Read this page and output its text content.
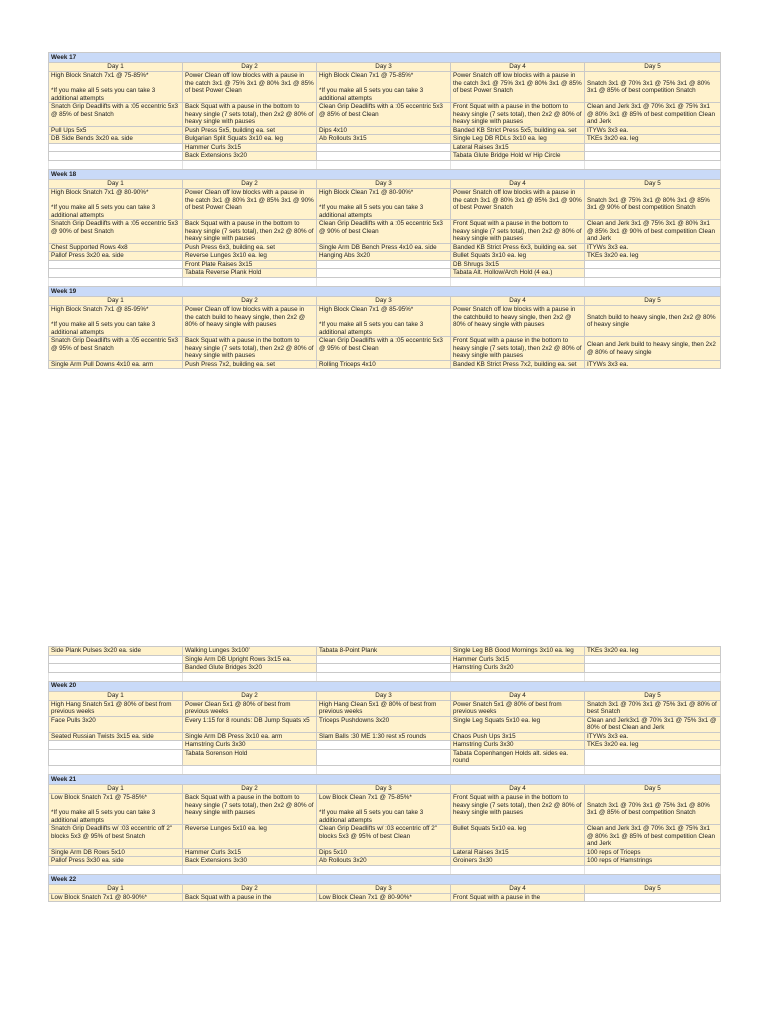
Week 17				
Day 1	Day 2	Day 3	Day 4	Day 5

High Block Snatch 7x1 @ 75-85%*

*If you make all 5 sets you can take 3 additional attempts	Power Clean off low blocks with a pause in the catch 3x1 @ 75% 3x1 @ 80% 3x1 @ 85% of best Power Clean	High Block Clean 7x1 @ 75-85%*

*If you make all 5 sets you can take 3 additional attempts	Power Snatch off low blocks with a pause in the catch 3x1 @ 75% 3x1 @ 80% 3x1 @ 85% of best Power Snatch	Snatch 3x1 @ 70% 3x1 @ 75% 3x1 @ 80% 3x1 @ 85% of best competition Snatch

Snatch Grip Deadlifts with a :05 eccentric 5x3 @ 85% of best Snatch	Back Squat with a pause in the bottom to heavy single (7 sets total), then 2x2 @ 80% of heavy single with pauses	Clean Grip Deadlifts with a :05 eccentric 5x3 @ 85% of best Clean	Front Squat with a pause in the bottom to heavy single (7 sets total), then 2x2 @ 80% of heavy single with pauses	Clean and Jerk 3x1 @ 70% 3x1 @ 75% 3x1 @ 80% 3x1 @ 85% of best competition Clean and Jerk

Pull Ups 5x5	Push Press 5x5, building ea. set	Dips 4x10	Banded KB Strict Press 5x5, building ea. set	ITYWs 3x3 ea.

DB Side Bends 3x20 ea. side	Bulgarian Split Squats 3x10 ea. leg	Ab Rollouts 3x15	Single Leg DB RDLs 3x10 ea. leg	TKEs 3x20 ea. leg

	Hammer Curls 3x15		Lateral Raises 3x15	

	Back Extensions 3x20		Tabata Glute Bridge Hold w/ Hip Circle	

Week 18				
Day 1	Day 2	Day 3	Day 4	Day 5

High Block Snatch 7x1 @ 80-90%*

*If you make all 5 sets you can take 3 additional attempts	Power Clean off low blocks with a pause in the catch 3x1 @ 80% 3x1 @ 85% 3x1 @ 90% of best Power Clean	High Block Clean 7x1 @ 80-90%*

*If you make all 5 sets you can take 3 additional attempts	Power Snatch off low blocks with a pause in the catch 3x1 @ 80% 3x1 @ 85% 3x1 @ 90% of best Power Snatch	Snatch 3x1 @ 75% 3x1 @ 80% 3x1 @ 85% 3x1 @ 90% of best competition Snatch

Snatch Grip Deadlifts with a :05 eccentric 5x3 @ 90% of best Snatch	Back Squat with a pause in the bottom to heavy single (7 sets total), then 2x2 @ 80% of heavy single with pauses	Clean Grip Deadlifts with a :05 eccentric 5x3 @ 90% of best Clean	Front Squat with a pause in the bottom to heavy single (7 sets total), then 2x2 @ 80% of heavy single with pauses	Clean and Jerk 3x1 @ 75% 3x1 @ 80% 3x1 @ 85% 3x1 @ 90% of best competition Clean and Jerk

Chest Supported Rows 4x8	Push Press 6x3, building ea. set	Single Arm DB Bench Press 4x10 ea. side	Banded KB Strict Press 6x3, building ea. set	ITYWs 3x3 ea.

Pallof Press 3x20 ea. side	Reverse Lunges 3x10 ea. leg	Hanging Abs 3x20	Bullet Squats 3x10 ea. leg	TKEs 3x20 ea. leg

	Front Plate Raises 3x15		DB Shrugs 3x15	

	Tabata Reverse Plank Hold		Tabata Alt. Hollow/Arch Hold (4 ea.)	

Week 19				
Day 1	Day 2	Day 3	Day 4	Day 5

High Block Snatch 7x1 @ 85-95%*

*If you make all 5 sets you can take 3 additional attempts	Power Clean off low blocks with a pause in the catch build to heavy single, then 2x2 @ 80% of heavy single with pauses	High Block Clean 7x1 @ 85-95%*

*If you make all 5 sets you can take 3 additional attempts	Power Snatch off low blocks with a pause in the catchbuild to heavy single, then 2x2 @ 80% of heavy single with pauses	Snatch build to heavy single, then 2x2 @ 80% of heavy single

Snatch Grip Deadlifts with a :05 eccentric 5x3 @ 95% of best Snatch	Back Squat with a pause in the bottom to heavy single (7 sets total), then 2x2 @ 80% of heavy single with pauses	Clean Grip Deadlifts with a :05 eccentric 5x3 @ 95% of best Clean	Front Squat with a pause in the bottom to heavy single (7 sets total), then 2x2 @ 80% of heavy single with pauses	Clean and Jerk build to heavy single, then 2x2 @ 80% of heavy single

Single Arm Pull Downs 4x10 ea. arm	Push Press 7x2, building ea. set	Rolling Triceps 4x10	Banded KB Strict Press 7x2, building ea. set	ITYWs 3x3 ea.
Side Plank Pulses 3x20 ea. side	Walking Lunges 3x100'	Tabata 8-Point Plank	Single Leg BB Good Mornings 3x10 ea. leg	TKEs 3x20 ea. leg

	Single Arm DB Upright Rows 3x15 ea.		Hammer Curls 3x15	

	Banded Glute Bridges 3x20		Hamstring Curls 3x20	

Week 20				
Day 1	Day 2	Day 3	Day 4	Day 5

High Hang Snatch 5x1 @ 80% of best from previous weeks	Power Clean 5x1 @ 80% of best from previous weeks	High Hang Clean 5x1 @ 80% of best from previous weeks	Power Snatch 5x1 @ 80% of best from previous weeks	Snatch 3x1 @ 70% 3x1 @ 75% 3x1 @ 80% of best Snatch

Face Pulls 3x20	Every 1:15 for 8 rounds: DB Jump Squats x5	Triceps Pushdowns 3x20	Single Leg Squats 5x10 ea. leg	Clean and Jerk3x1 @ 70% 3x1 @ 75% 3x1 @ 80% of best Clean and Jerk

Seated Russian Twists 3x15 ea. side	Single Arm DB Press 3x10 ea. arm	Slam Balls :30 ME 1:30 rest x5 rounds	Chaos Push Ups 3x15	ITYWs 3x3 ea.

	Hamstring Curls 3x30		Hamstring Curls 3x30	TKEs 3x20 ea. leg

	Tabata Sorenson Hold		Tabata Copenhangen Holds alt. sides ea. round	

Week 21				
Day 1	Day 2	Day 3	Day 4	Day 5

Low Block Snatch 7x1 @ 75-85%*

*If you make all 5 sets you can take 3 additional attempts	Back Squat with a pause in the bottom to heavy single (7 sets total), then 2x2 @ 80% of heavy single with pauses	Low Block Clean 7x1 @ 75-85%*

*If you make all 5 sets you can take 3 additional attempts	Front Squat with a pause in the bottom to heavy single (7 sets total), then 2x2 @ 80% of heavy single with pauses	Snatch 3x1 @ 70% 3x1 @ 75% 3x1 @ 80% 3x1 @ 85% of best competition Snatch

Snatch Grip Deadlifts w/ :03 eccentric off 2" blocks 5x3 @ 95% of best Snatch	Reverse Lunges 5x10 ea. leg	Clean Grip Deadlifts w/ :03 eccentric off 2" blocks 5x3 @ 95% of best Clean	Bullet Squats 5x10 ea. leg	Clean and Jerk 3x1 @ 70% 3x1 @ 75% 3x1 @ 80% 3x1 @ 85% of best competition Clean and Jerk

Single Arm DB Rows 5x10	Hammer Curls 3x15	Dips 5x10	Lateral Raises 3x15	100 reps of Triceps

Pallof Press 3x30 ea. side	Back Extensions 3x30	Ab Rollouts 3x20	Groiners 3x30	100 reps of Hamstrings

Week 22				
Day 1	Day 2	Day 3	Day 4	Day 5

Low Block Snatch 7x1 @ 80-90%*	Back Squat with a pause in the	Low Block Clean 7x1 @ 80-90%*	Front Squat with a pause in the	
